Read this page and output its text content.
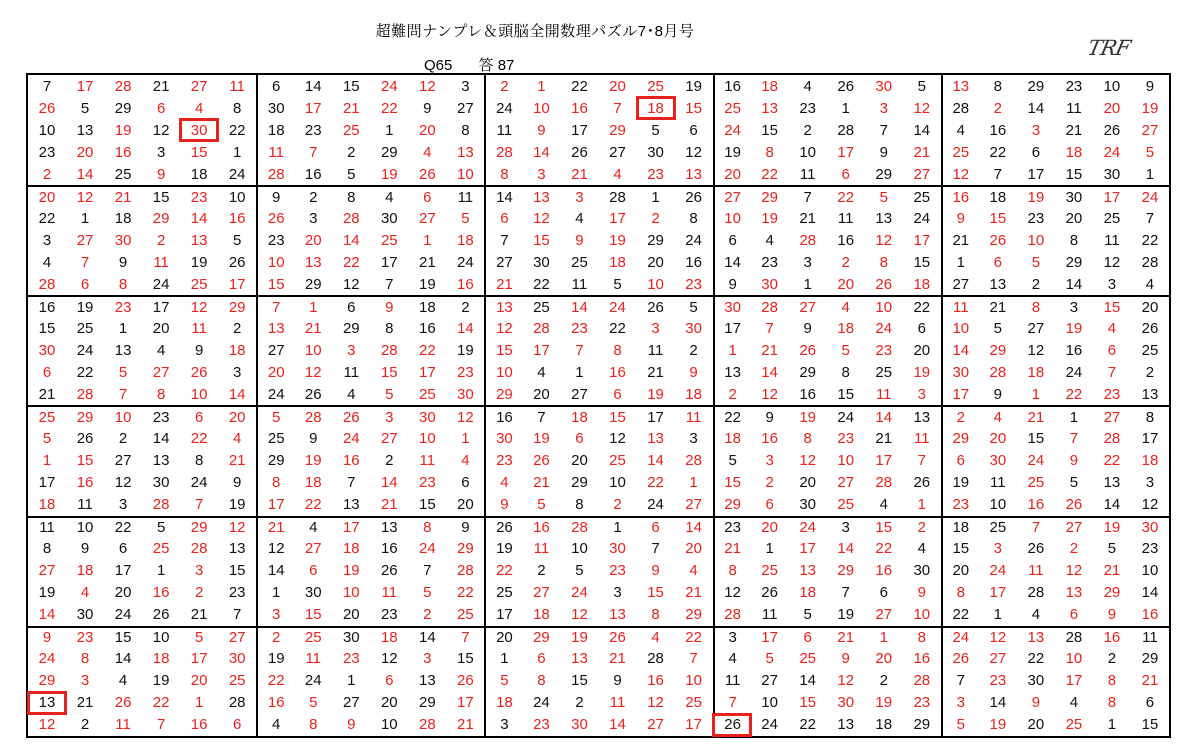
超難問ナンプレ＆頭脳全開数理パズル7･8月号
Q65 答 87
TRF
7	17	28	21	27	11	6	14	15	24	12	3	2	1	22	20	25	19	16	18	4	26	30	5	13	8	29	23	10	9
26	5	29	6	4	8	30	17	21	22	9	27	24	10	16	7	18	15	25	13	23	1	3	12	28	2	14	11	20	19
10	13	19	12	30	22	18	23	25	1	20	8	11	9	17	29	5	6	24	15	2	28	7	14	4	16	3	21	26	27
23	20	16	3	15	1	11	7	2	29	4	13	28	14	26	27	30	12	19	8	10	17	9	21	25	22	6	18	24	5
2	14	25	9	18	24	28	16	5	19	26	10	8	3	21	4	23	13	20	22	11	6	29	27	12	7	17	15	30	1
20	12	21	15	23	10	9	2	8	4	6	11	14	13	3	28	1	26	27	29	7	22	5	25	16	18	19	30	17	24
22	1	18	29	14	16	26	3	28	30	27	5	6	12	4	17	2	8	10	19	21	11	13	24	9	15	23	20	25	7
3	27	30	2	13	5	23	20	14	25	1	18	7	15	9	19	29	24	6	4	28	16	12	17	21	26	10	8	11	22
4	7	9	11	19	26	10	13	22	17	21	24	27	30	25	18	20	16	14	23	3	2	8	15	1	6	5	29	12	28
28	6	8	24	25	17	15	29	12	7	19	16	21	22	11	5	10	23	9	30	1	20	26	18	27	13	2	14	3	4
16	19	23	17	12	29	7	1	6	9	18	2	13	25	14	24	26	5	30	28	27	4	10	22	11	21	8	3	15	20
15	25	1	20	11	2	13	21	29	8	16	14	12	28	23	22	3	30	17	7	9	18	24	6	10	5	27	19	4	26
30	24	13	4	9	18	27	10	3	28	22	19	15	17	7	8	11	2	1	21	26	5	23	20	14	29	12	16	6	25
6	22	5	27	26	3	20	12	11	15	17	23	10	4	1	16	21	9	13	14	29	8	25	19	30	28	18	24	7	2
21	28	7	8	10	14	24	26	4	5	25	30	29	20	27	6	19	18	2	12	16	15	11	3	17	9	1	22	23	13
25	29	10	23	6	20	5	28	26	3	30	12	16	7	18	15	17	11	22	9	19	24	14	13	2	4	21	1	27	8
5	26	2	14	22	4	25	9	24	27	10	1	30	19	6	12	13	3	18	16	8	23	21	11	29	20	15	7	28	17
1	15	27	13	8	21	29	19	16	2	11	4	23	26	20	25	14	28	5	3	12	10	17	7	6	30	24	9	22	18
17	16	12	30	24	9	8	18	7	14	23	6	4	21	29	10	22	1	15	2	20	27	28	26	19	11	25	5	13	3
18	11	3	28	7	19	17	22	13	21	15	20	9	5	8	2	24	27	29	6	30	25	4	1	23	10	16	26	14	12
11	10	22	5	29	12	21	4	17	13	8	9	26	16	28	1	6	14	23	20	24	3	15	2	18	25	7	27	19	30
8	9	6	25	28	13	12	27	18	16	24	29	19	11	10	30	7	20	21	1	17	14	22	4	15	3	26	2	5	23
27	18	17	1	3	15	14	6	19	26	7	28	22	2	5	23	9	4	8	25	13	29	16	30	20	24	11	12	21	10
19	4	20	16	2	23	1	30	10	11	5	22	25	27	24	3	15	21	12	26	18	7	6	9	8	17	28	13	29	14
14	30	24	26	21	7	3	15	20	23	2	25	17	18	12	13	8	29	28	11	5	19	27	10	22	1	4	6	9	16
9	23	15	10	5	27	2	25	30	18	14	7	20	29	19	26	4	22	3	17	6	21	1	8	24	12	13	28	16	11
24	8	14	18	17	30	19	11	23	12	3	15	1	6	13	21	28	7	4	5	25	9	20	16	26	27	22	10	2	29
29	3	4	19	20	25	22	24	1	6	13	26	5	8	15	9	16	10	11	27	14	12	2	28	7	23	30	17	8	21
13	21	26	22	1	28	16	5	27	20	29	17	18	24	2	11	12	25	7	10	15	30	19	23	3	14	9	4	8	6
12	2	11	7	16	6	4	8	9	10	28	21	3	23	30	14	27	17	26	24	22	13	18	29	5	19	20	25	1	15
